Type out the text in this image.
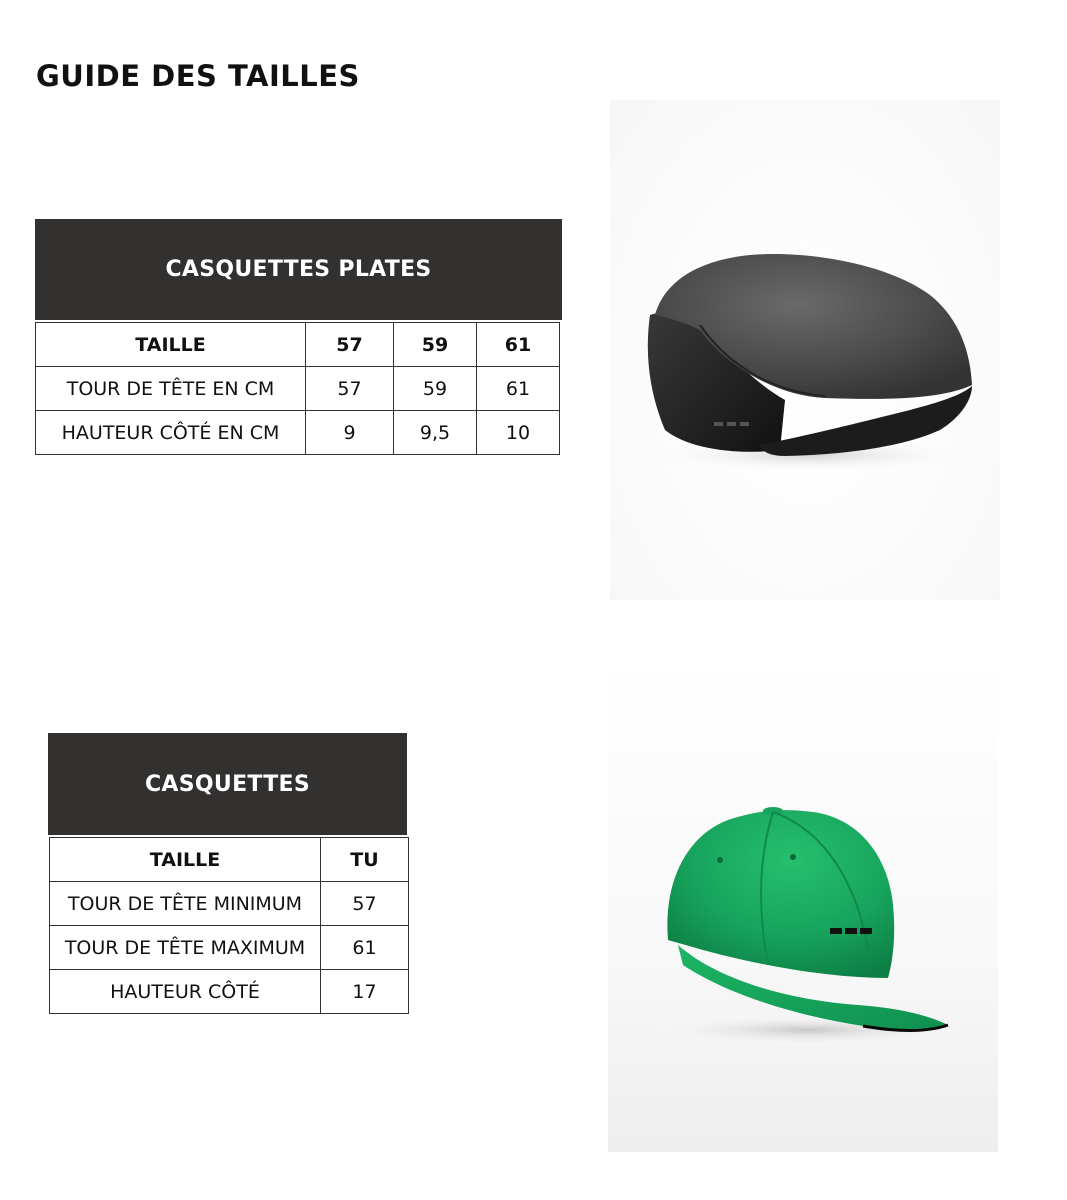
GUIDE DES TAILLES
CASQUETTES PLATES
TAILLE	57	59	61
TOUR DE TÊTE EN CM	57	59	61
HAUTEUR CÔTÉ EN CM	9	9,5	10
CASQUETTES
TAILLE	TU
TOUR DE TÊTE MINIMUM	57
TOUR DE TÊTE MAXIMUM	61
HAUTEUR CÔTÉ	17
